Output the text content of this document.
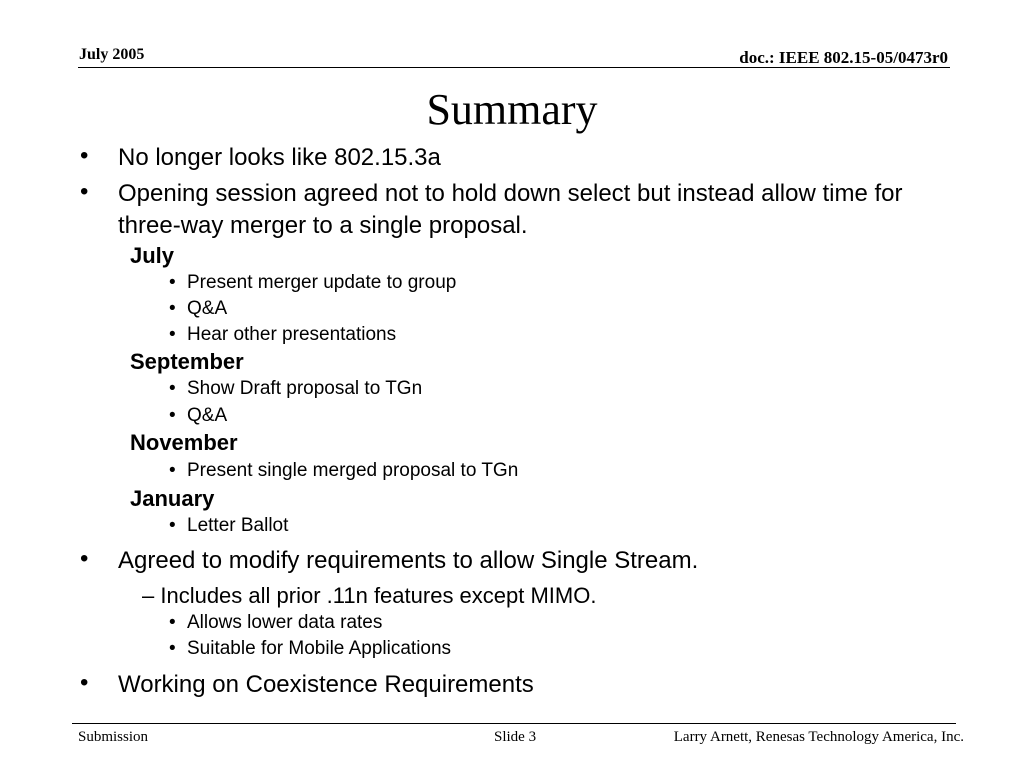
July 2005	doc.: IEEE 802.15-05/0473r0
Summary
• No longer looks like 802.15.3a
• Opening session agreed not to hold down select but instead allow time for three-way merger to a single proposal.
July
• Present merger update to group
• Q&A
• Hear other presentations
September
• Show Draft proposal to TGn
• Q&A
November
• Present single merged proposal to TGn
January
• Letter Ballot
• Agreed to modify requirements to allow Single Stream.
– Includes all prior .11n features except MIMO.
• Allows lower data rates
• Suitable for Mobile Applications
• Working on Coexistence Requirements
Submission	Slide 3	Larry Arnett, Renesas Technology America, Inc.
